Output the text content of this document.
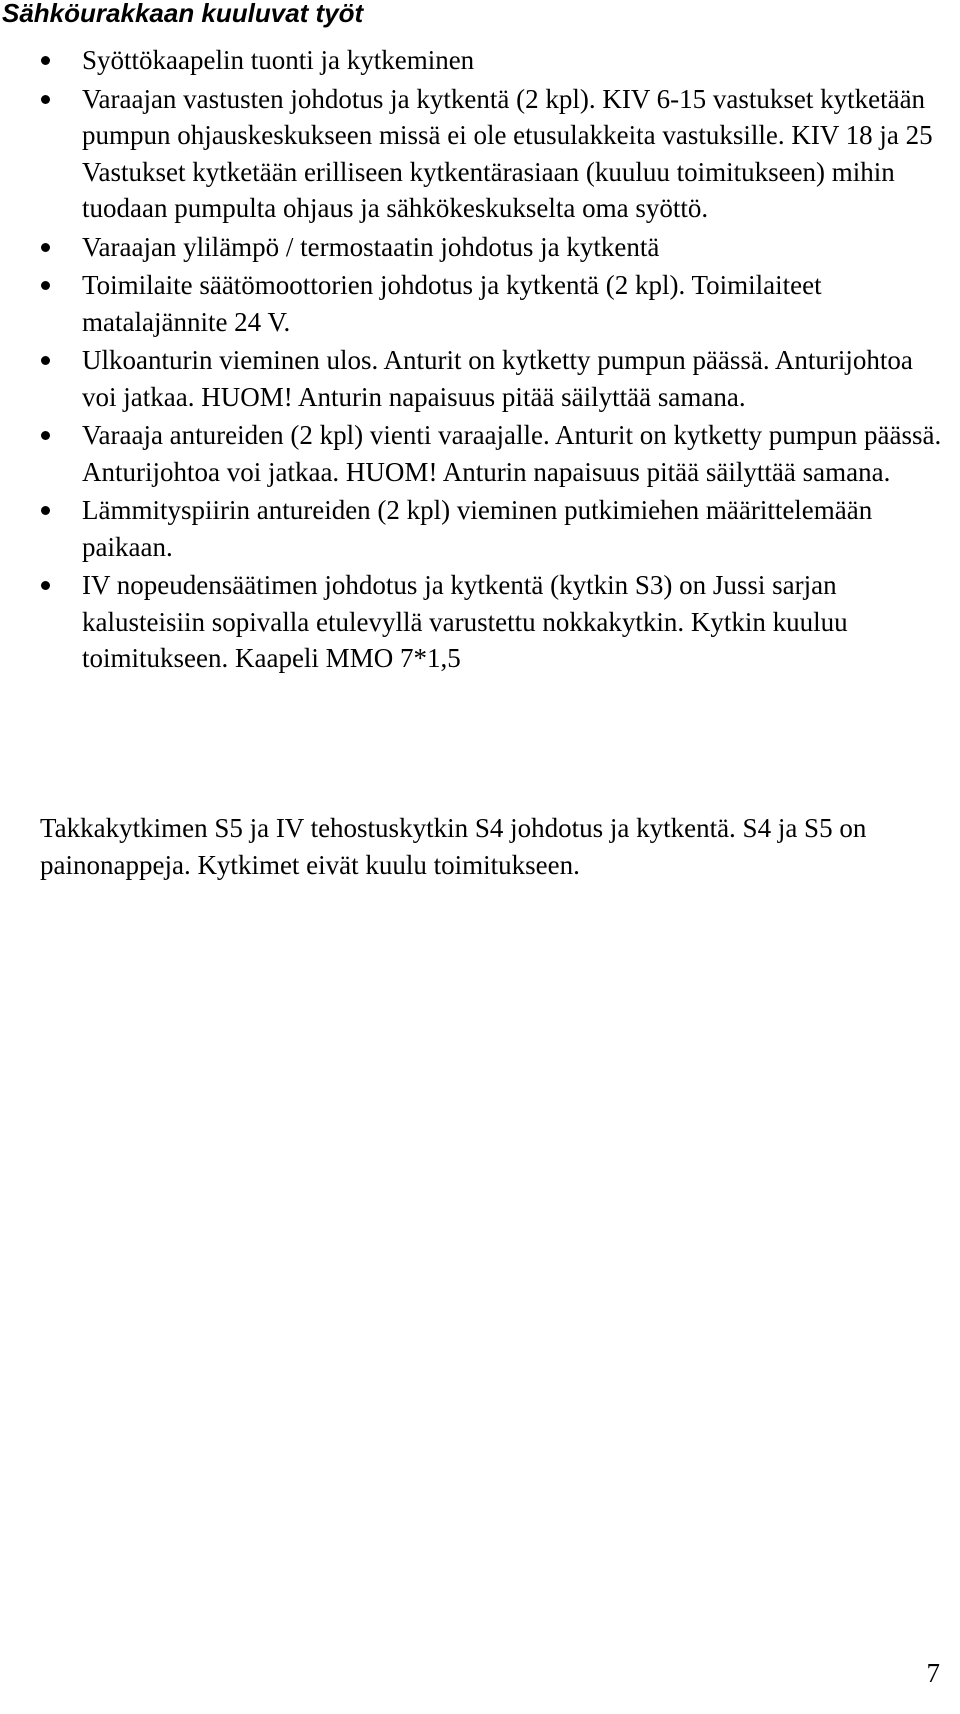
Sähköurakkaan kuuluvat työt
Syöttökaapelin tuonti ja kytkeminen
Varaajan vastusten johdotus ja kytkentä (2 kpl). KIV 6-15 vastukset kytketään pumpun ohjauskeskukseen missä ei ole etusulakkeita vastuksille. KIV 18 ja 25 Vastukset kytketään erilliseen kytkentärasiaan (kuuluu toimitukseen) mihin tuodaan pumpulta ohjaus ja sähkökeskukselta oma syöttö.
Varaajan ylilämpö / termostaatin johdotus ja kytkentä
Toimilaite säätömoottorien johdotus ja kytkentä (2 kpl). Toimilaiteet matalajännite 24 V.
Ulkoanturin vieminen ulos. Anturit on kytketty pumpun päässä. Anturijohtoa voi jatkaa. HUOM! Anturin napaisuus pitää säilyttää samana.
Varaaja antureiden (2 kpl) vienti varaajalle. Anturit on kytketty pumpun päässä. Anturijohtoa voi jatkaa. HUOM! Anturin napaisuus pitää säilyttää samana.
Lämmityspiirin antureiden (2 kpl) vieminen putkimiehen määrittelemään paikaan.
IV nopeudensäätimen johdotus ja kytkentä (kytkin S3) on Jussi sarjan kalusteisiin sopivalla etulevyllä varustettu nokkakytkin. Kytkin kuuluu toimitukseen. Kaapeli MMO 7*1,5

Takkakytkimen S5 ja IV tehostuskytkin S4 johdotus ja kytkentä. S4 ja S5 on painonappeja. Kytkimet eivät kuulu toimitukseen.

7
